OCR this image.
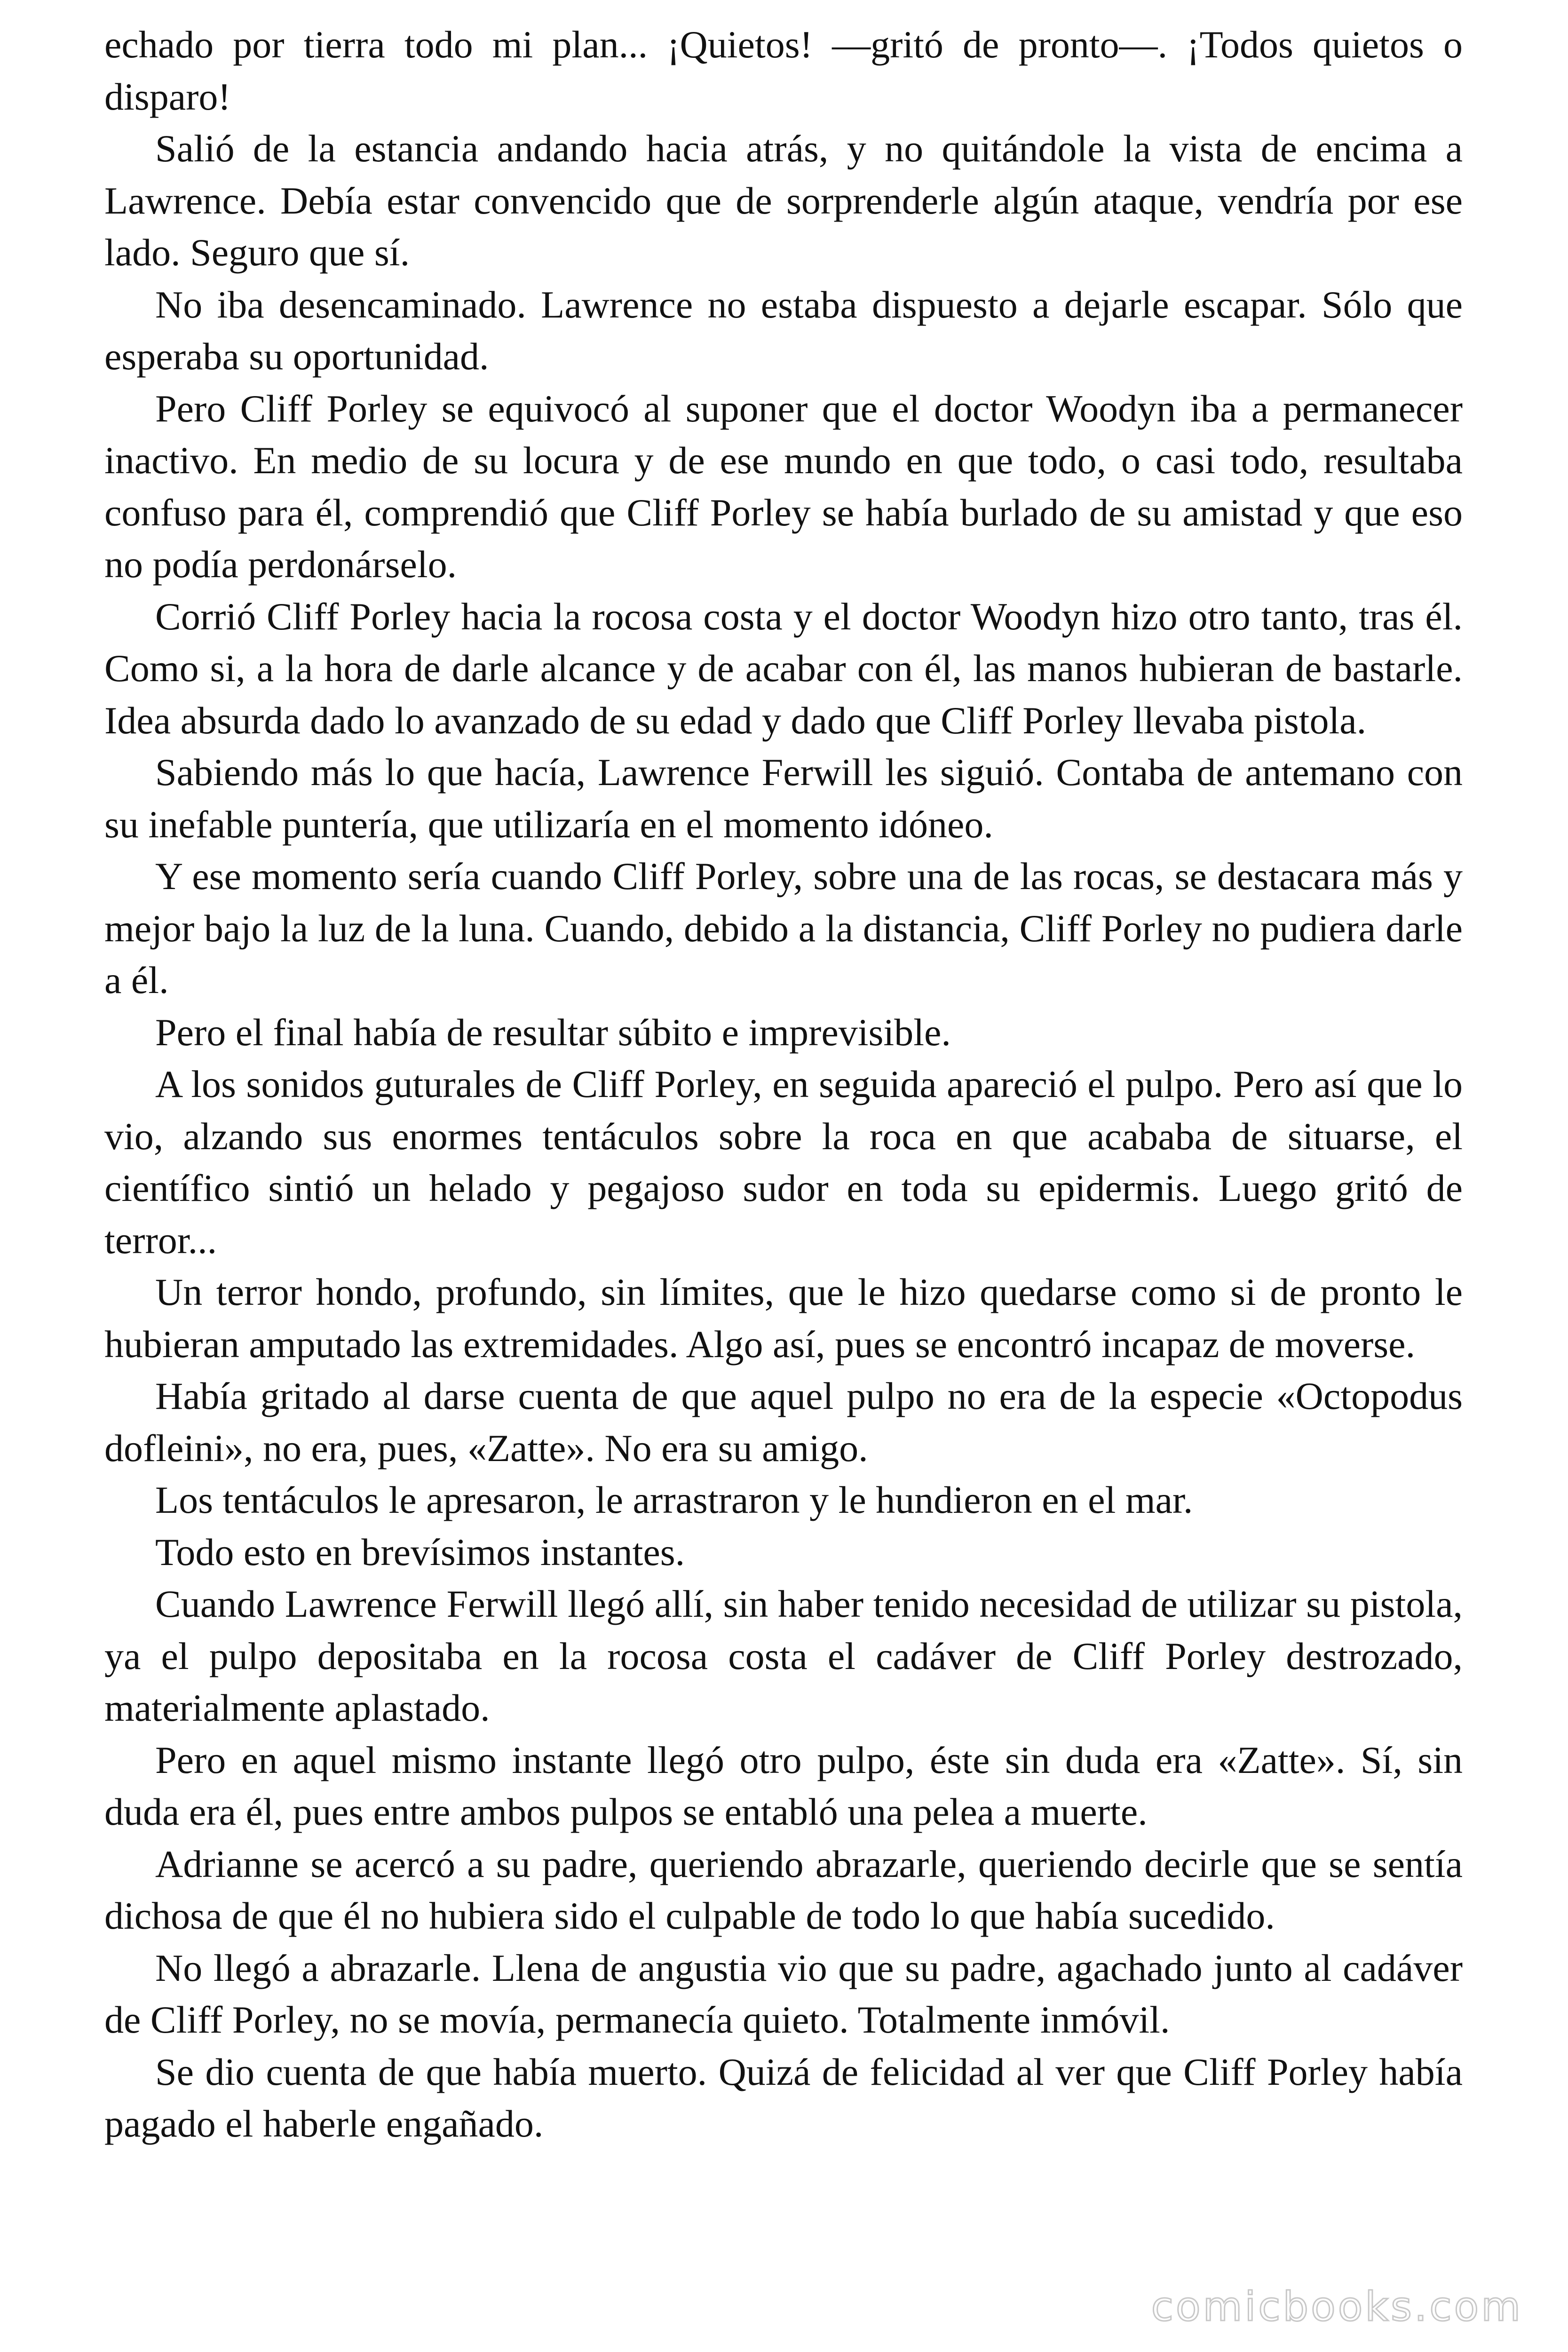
echado por tierra todo mi plan... ¡Quietos! —gritó de pronto—. ¡Todos quietos o disparo!

Salió de la estancia andando hacia atrás, y no quitándole la vista de encima a Lawrence. Debía estar convencido que de sorprenderle algún ataque, vendría por ese lado. Seguro que sí.

No iba desencaminado. Lawrence no estaba dispuesto a dejarle escapar. Sólo que esperaba su oportunidad.

Pero Cliff Porley se equivocó al suponer que el doctor Woodyn iba a permanecer inactivo. En medio de su locura y de ese mundo en que todo, o casi todo, resultaba confuso para él, comprendió que Cliff Porley se había burlado de su amistad y que eso no podía perdonárselo.

Corrió Cliff Porley hacia la rocosa costa y el doctor Woodyn hizo otro tanto, tras él. Como si, a la hora de darle alcance y de acabar con él, las manos hubieran de bastarle. Idea absurda dado lo avanzado de su edad y dado que Cliff Porley llevaba pistola.

Sabiendo más lo que hacía, Lawrence Ferwill les siguió. Contaba de antemano con su inefable puntería, que utilizaría en el momento idóneo.

Y ese momento sería cuando Cliff Porley, sobre una de las rocas, se destacara más y mejor bajo la luz de la luna. Cuando, debido a la distancia, Cliff Porley no pudiera darle a él.

Pero el final había de resultar súbito e imprevisible.

A los sonidos guturales de Cliff Porley, en seguida apareció el pulpo. Pero así que lo vio, alzando sus enormes tentáculos sobre la roca en que acababa de situarse, el científico sintió un helado y pegajoso sudor en toda su epidermis. Luego gritó de terror...

Un terror hondo, profundo, sin límites, que le hizo quedarse como si de pronto le hubieran amputado las extremidades. Algo así, pues se encontró incapaz de moverse.

Había gritado al darse cuenta de que aquel pulpo no era de la especie «Octopodus dofleini», no era, pues, «Zatte». No era su amigo.

Los tentáculos le apresaron, le arrastraron y le hundieron en el mar.

Todo esto en brevísimos instantes.

Cuando Lawrence Ferwill llegó allí, sin haber tenido necesidad de utilizar su pistola, ya el pulpo depositaba en la rocosa costa el cadáver de Cliff Porley destrozado, materialmente aplastado.

Pero en aquel mismo instante llegó otro pulpo, éste sin duda era «Zatte». Sí, sin duda era él, pues entre ambos pulpos se entabló una pelea a muerte.

Adrianne se acercó a su padre, queriendo abrazarle, queriendo decirle que se sentía dichosa de que él no hubiera sido el culpable de todo lo que había sucedido.

No llegó a abrazarle. Llena de angustia vio que su padre, agachado junto al cadáver de Cliff Porley, no se movía, permanecía quieto. Totalmente inmóvil.

Se dio cuenta de que había muerto. Quizá de felicidad al ver que Cliff Porley había pagado el haberle engañado.

comicbooks.com
